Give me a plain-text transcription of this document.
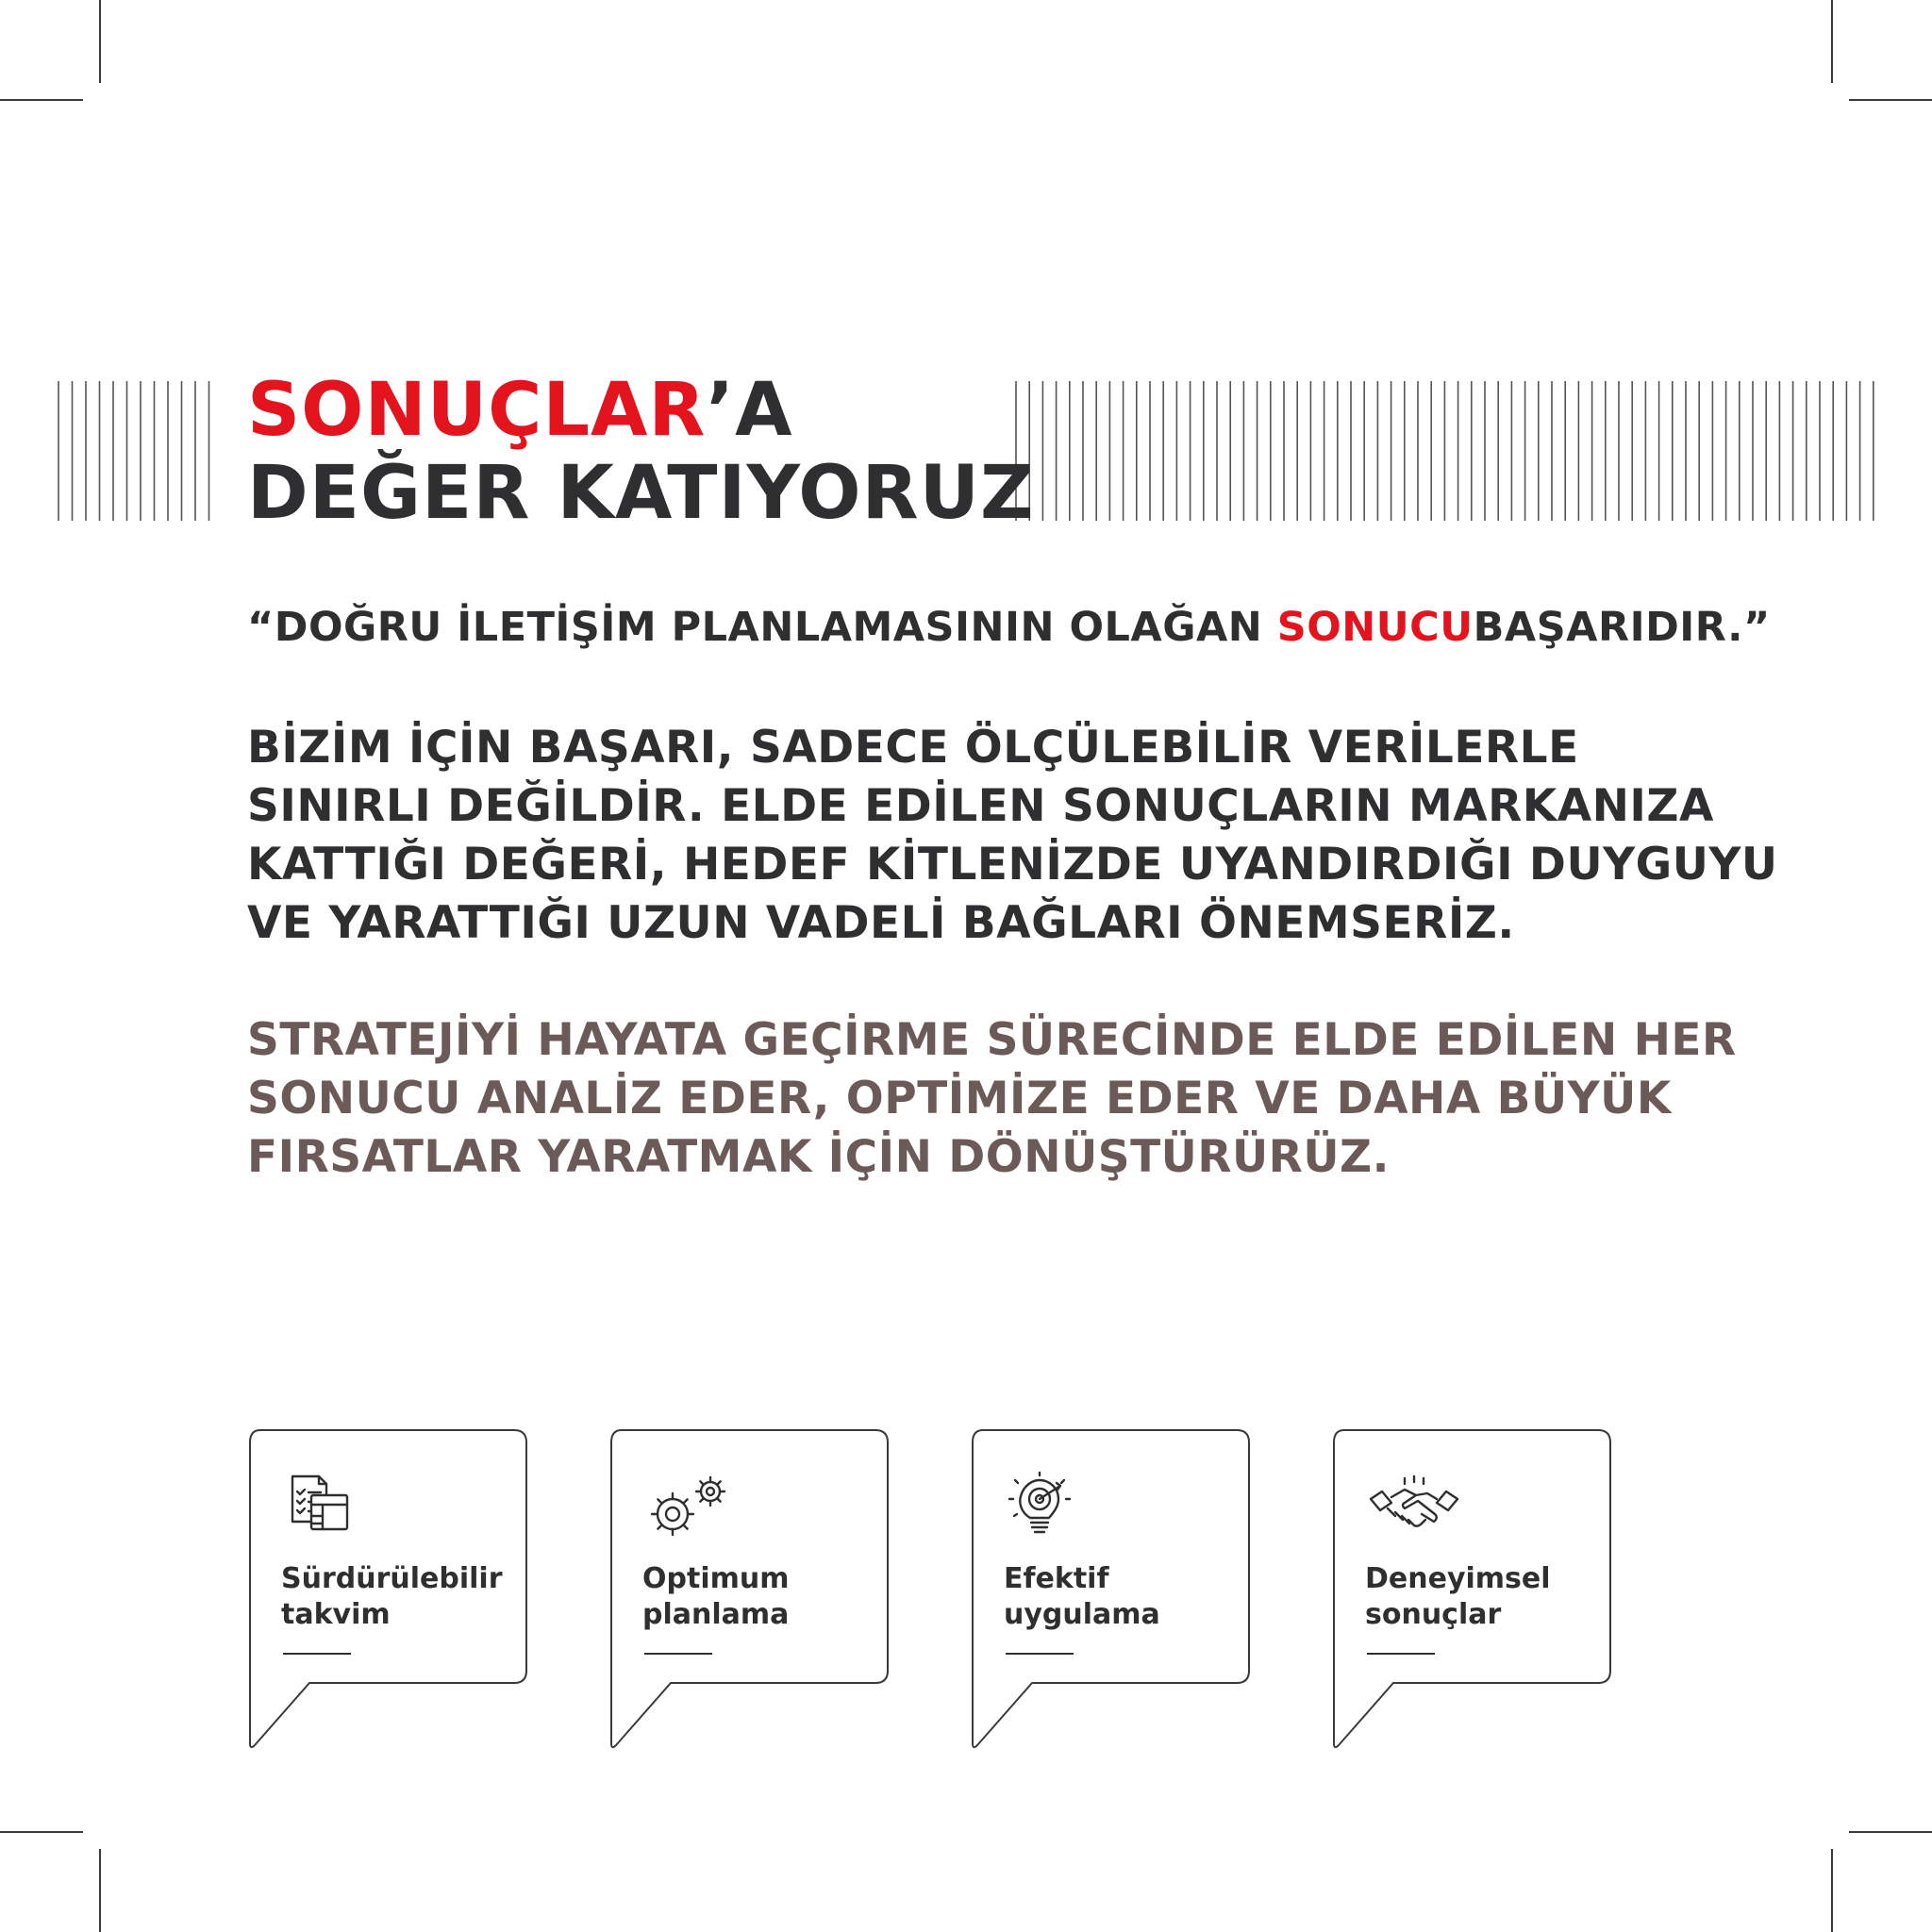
SONUÇLAR’A
DEĞER KATIYORUZ

“DOĞRU İLETİŞİM PLANLAMASININ OLAĞAN SONUCUBAŞARIDIR.”

BİZİM İÇİN BAŞARI, SADECE ÖLÇÜLEBİLİR VERİLERLE
SINIRLI DEĞİLDİR. ELDE EDİLEN SONUÇLARIN MARKANIZA
KATTIĞI DEĞERİ, HEDEF KİTLENİZDE UYANDIRDIĞI DUYGUYU
VE YARATTIĞI UZUN VADELİ BAĞLARI ÖNEMSERİZ.
STRATEJİYİ HAYATA GEÇİRME SÜRECİNDE ELDE EDİLEN HER
SONUCU ANALİZ EDER, OPTİMİZE EDER VE DAHA BÜYÜK
FIRSATLAR YARATMAK İÇİN DÖNÜŞTÜRÜRÜZ.
Sürdürülebilir
takvim
Optimum
planlama
Efektif
uygulama
Deneyimsel
sonuçlar
